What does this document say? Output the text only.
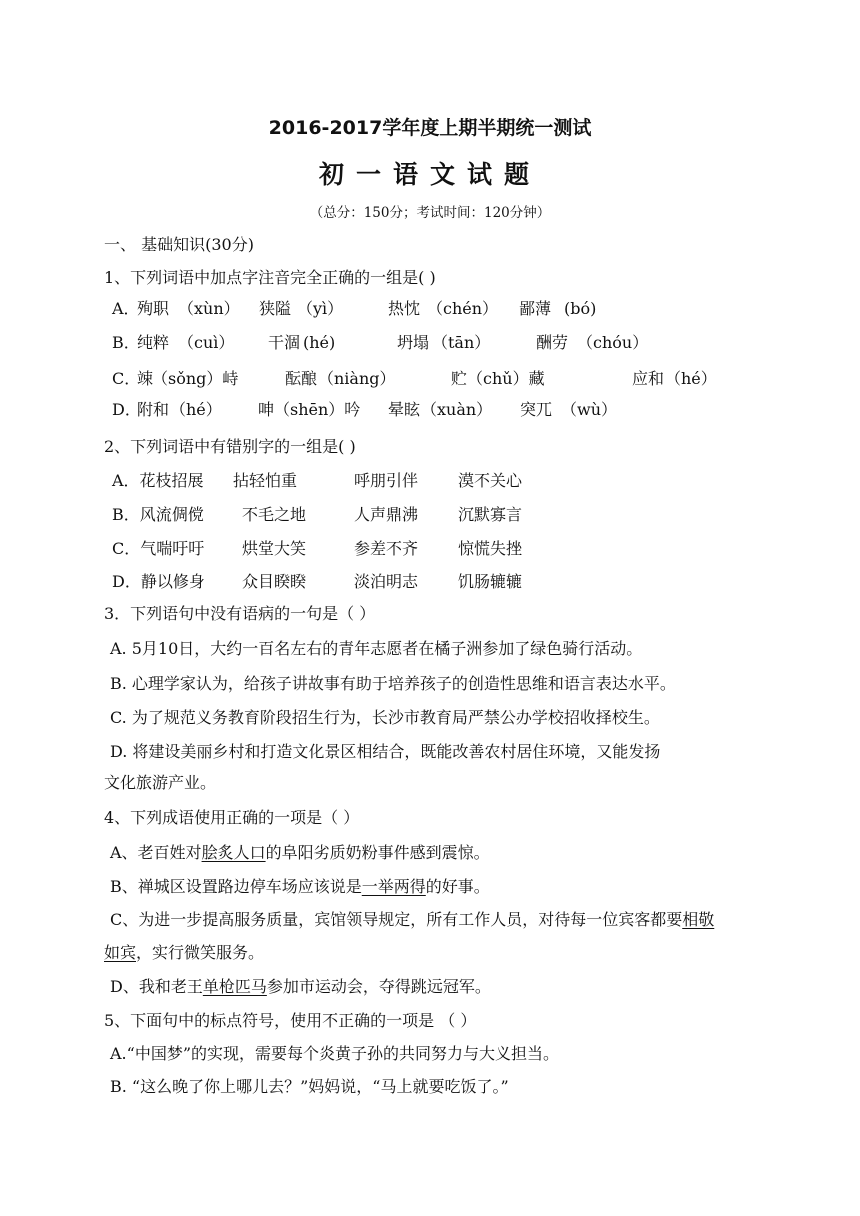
2016-2017学年度上期半期统一测试
初一语文试题
（总分：150分；考试时间：120分钟）
一、 基础知识(30分)
1、下列词语中加点字注音完全正确的一组是( )
A．
殉职 （xùn） 狭隘 （yì）	热忱 （chén） 鄙薄 (bó)
B．
纯粹 （cuì） 干涸 (hé)	坍塌 （tān）	酬劳 （chóu）
C．
竦
（sǒng）峙	酝酿 （niàng）	贮 （chǔ）藏	应和 （hé）
D．
附和 （hé） 呻 （shēn）吟 晕眩 （xuàn） 突兀 （wù）
2、下列词语中有错别字的一组是( )
A．花枝招展 拈轻怕重	呼朋引伴 漠不关心
B．风流倜傥 不毛之地	人声鼎沸 沉默寡言
C．气喘吁吁 烘堂大笑	参差不齐 惊慌失挫
D．静以修身 众目睽睽	淡泊明志 饥肠辘辘
3．下列语句中没有语病的一句是（ ）
A. 5月10日，大约一百名左右的青年志愿者在橘子洲参加了绿色骑行活动。
B. 心理学家认为，给孩子讲故事有助于培养孩子的创造性思维和语言表达水平。
C. 为了规范义务教育阶段招生行为，长沙市教育局严禁公办学校招收择校生。
D. 将建设美丽乡村和打造文化景区相结合，既能改善农村居住环境，又能发扬
文化旅游产业。
4、下列成语使用正确的一项是（ ）
A、老百姓对脍炙人口的阜阳劣质奶粉事件感到震惊。
B、禅城区设置路边停车场应该说是一举两得的好事。
C、为进一步提高服务质量，宾馆领导规定，所有工作人员，对待每一位宾客都要相敬
如宾，实行微笑服务。
D、我和老王单枪匹马参加市运动会，夺得跳远冠军。
5、下面句中的标点符号，使用不正确的一项是 （ ）
A.“中国梦”的实现，需要每个炎黄子孙的共同努力与大义担当。
B. “这么晚了你上哪儿去？”妈妈说，“马上就要吃饭了。”
